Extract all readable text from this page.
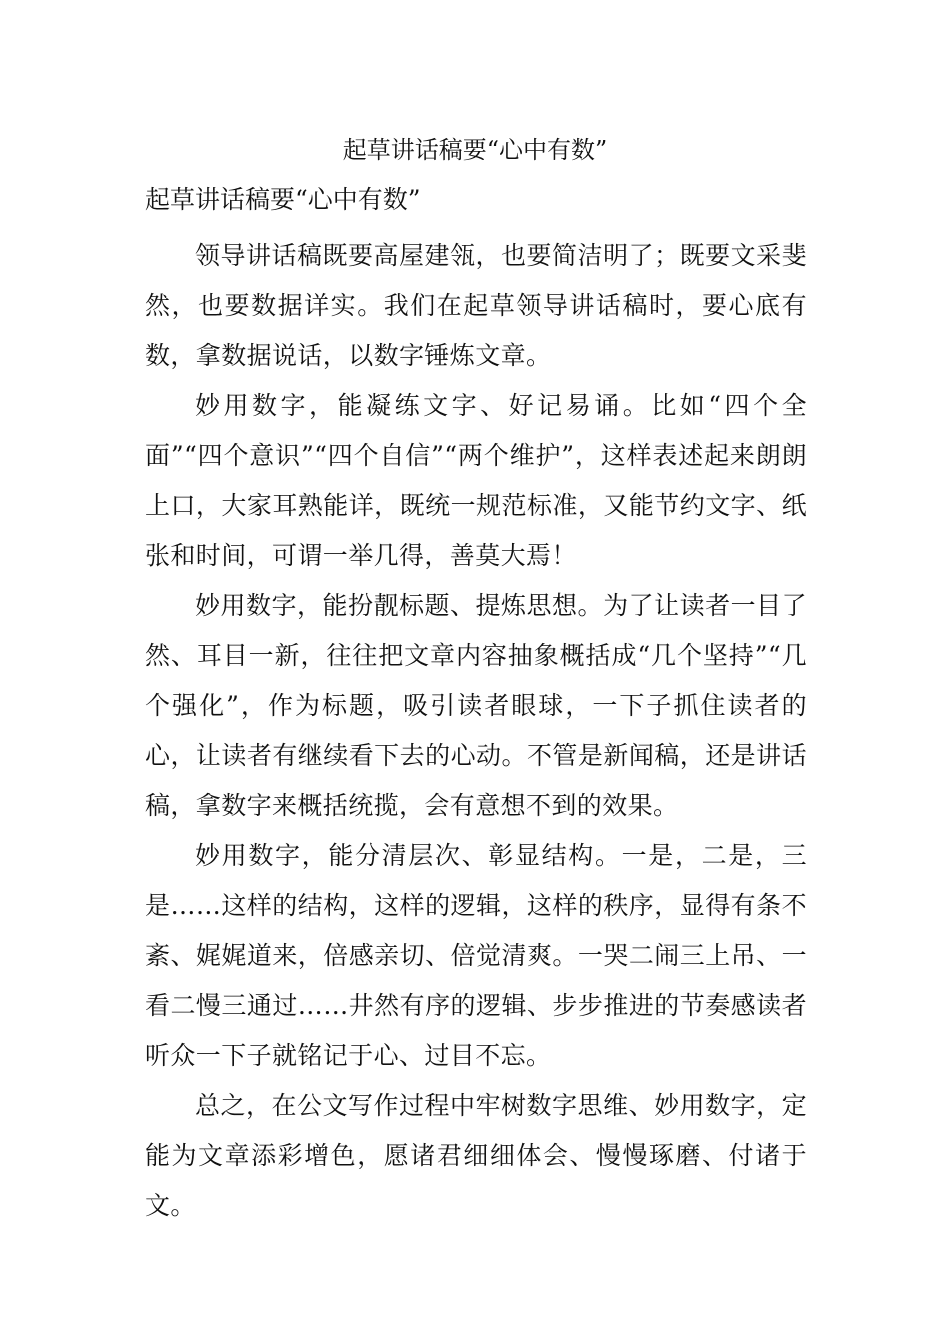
起草讲话稿要“心中有数”

起草讲话稿要“心中有数”

领导讲话稿既要高屋建瓴，也要简洁明了；既要文采斐然，也要数据详实。我们在起草领导讲话稿时，要心底有数，拿数据说话，以数字锤炼文章。

妙用数字，能凝练文字、好记易诵。比如“四个全面”“四个意识”“四个自信”“两个维护”，这样表述起来朗朗上口，大家耳熟能详，既统一规范标准，又能节约文字、纸张和时间，可谓一举几得，善莫大焉！

妙用数字，能扮靓标题、提炼思想。为了让读者一目了然、耳目一新，往往把文章内容抽象概括成“几个坚持”“几个强化”，作为标题，吸引读者眼球，一下子抓住读者的心，让读者有继续看下去的心动。不管是新闻稿，还是讲话稿，拿数字来概括统揽，会有意想不到的效果。

妙用数字，能分清层次、彰显结构。一是，二是，三是……这样的结构，这样的逻辑，这样的秩序，显得有条不紊、娓娓道来，倍感亲切、倍觉清爽。一哭二闹三上吊、一看二慢三通过……井然有序的逻辑、步步推进的节奏感读者听众一下子就铭记于心、过目不忘。

总之，在公文写作过程中牢树数字思维、妙用数字，定能为文章添彩增色，愿诸君细细体会、慢慢琢磨、付诸于文。
